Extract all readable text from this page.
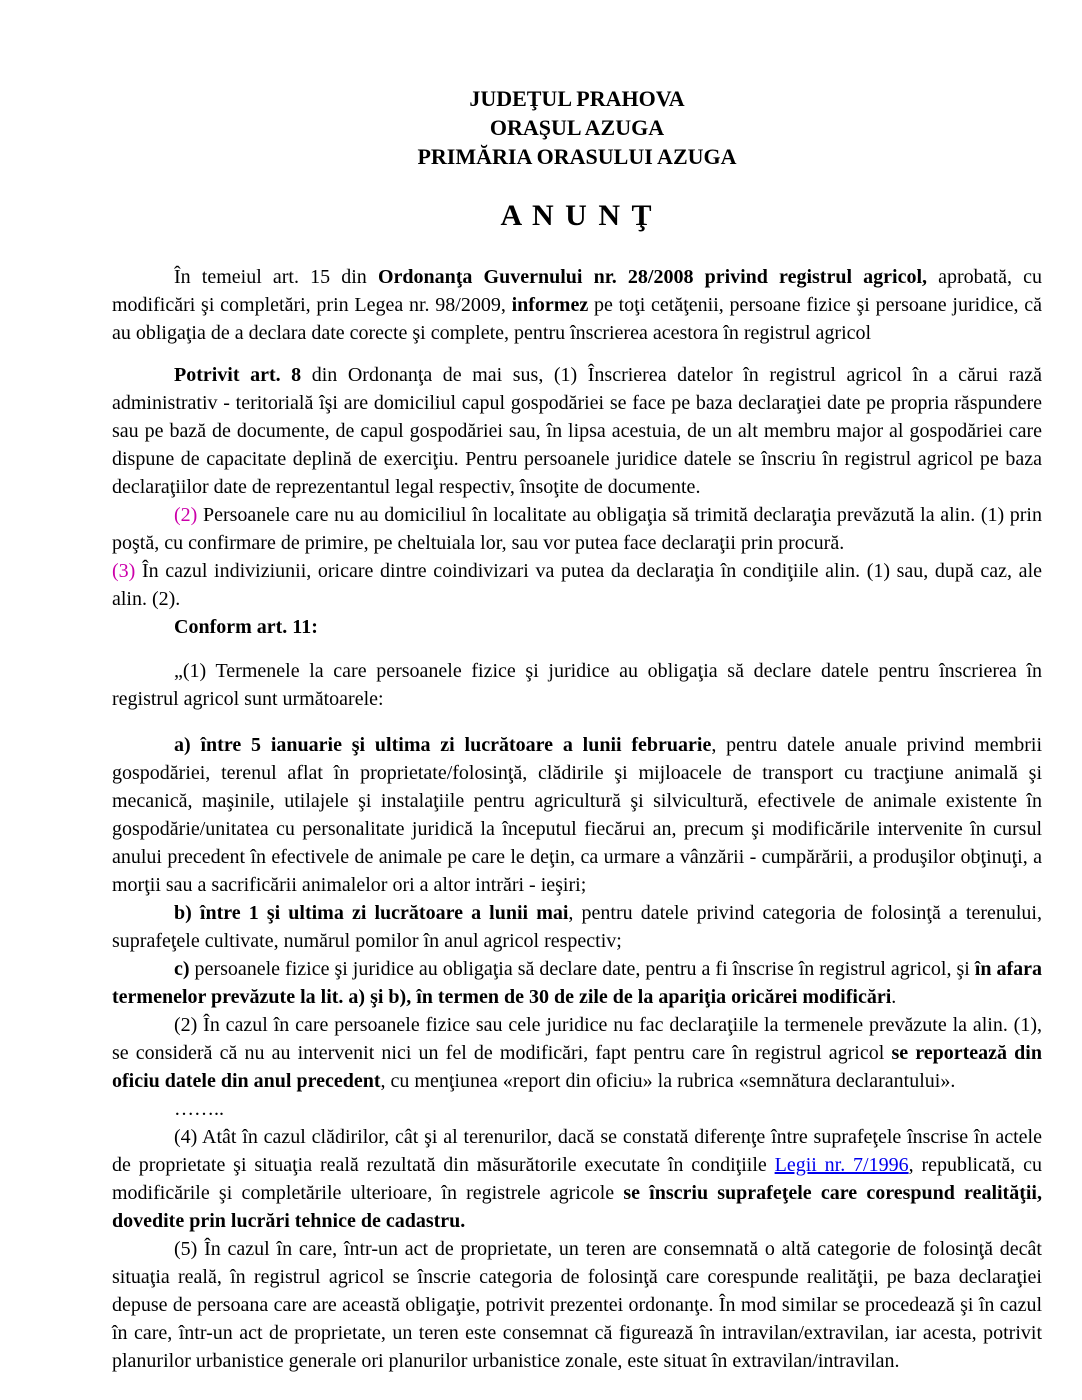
JUDEŢUL PRAHOVA
ORAŞUL AZUGA
PRIMĂRIA ORASULUI AZUGA
A N U N Ţ

În temeiul art. 15 din Ordonanţa Guvernului nr. 28/2008 privind registrul agricol, aprobată, cu modificări şi completări, prin Legea nr. 98/2009, informez pe toţi cetăţenii, persoane fizice şi persoane juridice, că au obligaţia de a declara date corecte şi complete, pentru înscrierea acestora în registrul agricol

Potrivit art. 8 din Ordonanţa de mai sus, (1) Înscrierea datelor în registrul agricol în a cărui rază administrativ - teritorială îşi are domiciliul capul gospodăriei se face pe baza declaraţiei date pe propria răspundere sau pe bază de documente, de capul gospodăriei sau, în lipsa acestuia, de un alt membru major al gospodăriei care dispune de capacitate deplină de exerciţiu. Pentru persoanele juridice datele se înscriu în registrul agricol pe baza declaraţiilor date de reprezentantul legal respectiv, însoţite de documente.

(2) Persoanele care nu au domiciliul în localitate au obligaţia să trimită declaraţia prevăzută la alin. (1) prin poştă, cu confirmare de primire, pe cheltuiala lor, sau vor putea face declaraţii prin procură.

(3) În cazul indiviziunii, oricare dintre coindivizari va putea da declaraţia în condiţiile alin. (1) sau, după caz, ale alin. (2).

Conform art. 11:

„(1) Termenele la care persoanele fizice şi juridice au obligaţia să declare datele pentru înscrierea în registrul agricol sunt următoarele:

a) între 5 ianuarie şi ultima zi lucrătoare a lunii februarie, pentru datele anuale privind membrii gospodăriei, terenul aflat în proprietate/folosinţă, clădirile şi mijloacele de transport cu tracţiune animală şi mecanică, maşinile, utilajele şi instalaţiile pentru agricultură şi silvicultură, efectivele de animale existente în gospodărie/unitatea cu personalitate juridică la începutul fiecărui an, precum şi modificările intervenite în cursul anului precedent în efectivele de animale pe care le deţin, ca urmare a vânzării - cumpărării, a produşilor obţinuţi, a morţii sau a sacrificării animalelor ori a altor intrări - ieşiri;

b) între 1 şi ultima zi lucrătoare a lunii mai, pentru datele privind categoria de folosinţă a terenului, suprafeţele cultivate, numărul pomilor în anul agricol respectiv;

c) persoanele fizice şi juridice au obligaţia să declare date, pentru a fi înscrise în registrul agricol, şi în afara termenelor prevăzute la lit. a) şi b), în termen de 30 de zile de la apariţia oricărei modificări.

(2) În cazul în care persoanele fizice sau cele juridice nu fac declaraţiile la termenele prevăzute la alin. (1), se consideră că nu au intervenit nici un fel de modificări, fapt pentru care în registrul agricol se reportează din oficiu datele din anul precedent, cu menţiunea «report din oficiu» la rubrica «semnătura declarantului».

……..

(4) Atât în cazul clădirilor, cât şi al terenurilor, dacă se constată diferenţe între suprafeţele înscrise în actele de proprietate şi situaţia reală rezultată din măsurătorile executate în condiţiile Legii nr. 7/1996, republicată, cu modificările şi completările ulterioare, în registrele agricole se înscriu suprafeţele care corespund realităţii, dovedite prin lucrări tehnice de cadastru.

(5) În cazul în care, într-un act de proprietate, un teren are consemnată o altă categorie de folosinţă decât situaţia reală, în registrul agricol se înscrie categoria de folosinţă care corespunde realităţii, pe baza declaraţiei depuse de persoana care are această obligaţie, potrivit prezentei ordonanţe. În mod similar se procedează şi în cazul în care, într-un act de proprietate, un teren este consemnat că figurează în intravilan/extravilan, iar acesta, potrivit planurilor urbanistice generale ori planurilor urbanistice zonale, este situat în extravilan/intravilan.
